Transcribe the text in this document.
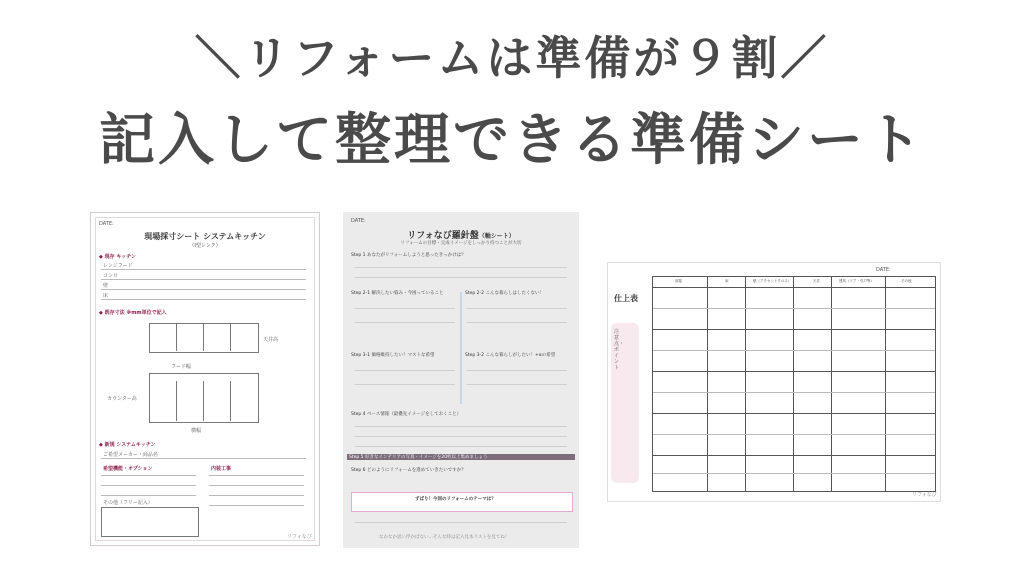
＼リフォームは準備が９割／
記入して整理できる準備シート
DATE:
現場採寸シート システムキッチン
（Ⅰ型シンク）
◆ 現存 キッチン
レンジフード
コンロ
壁
床
◆ 既存寸法 ※mm単位で記入
フード幅
カウンター高
横幅
天井高
◆ 新規 システムキッチン
ご希望メーカー・商品名
希望機能・オプション	内装工事
その他（フリー記入）
リフォなび
DATE:
リフォなび羅針盤（軸シート）
リフォームの目標・完成イメージをしっかり持つことが大切
Step 1 あなたがリフォームしようと思ったきっかけは？
Step 2-1 解決したい悩み・今困っていること	Step 2-2 こんな暮らしはしたくない！
Step 3-1 価格維持したい！マストな希望	Step 3-2 こんな暮らしがしたい！+αの希望
Step 4 ベース情報（最優先イメージをしておくこと）
Step 5 好きなインテリアの写真・イメージを20枚以上集めましょう
Step 6 どのようにリフォームを進めていきたいですか？
ずばり！今回のリフォームのテーマは？
なかなか思い浮かばない…そんな時は記入見本リストを見てね！
DATE:
仕上表
注意点・ポイント
部屋	床	壁（アクセントクロス）	天井	建具（ドア・引戸等）	その他
リフォなび
